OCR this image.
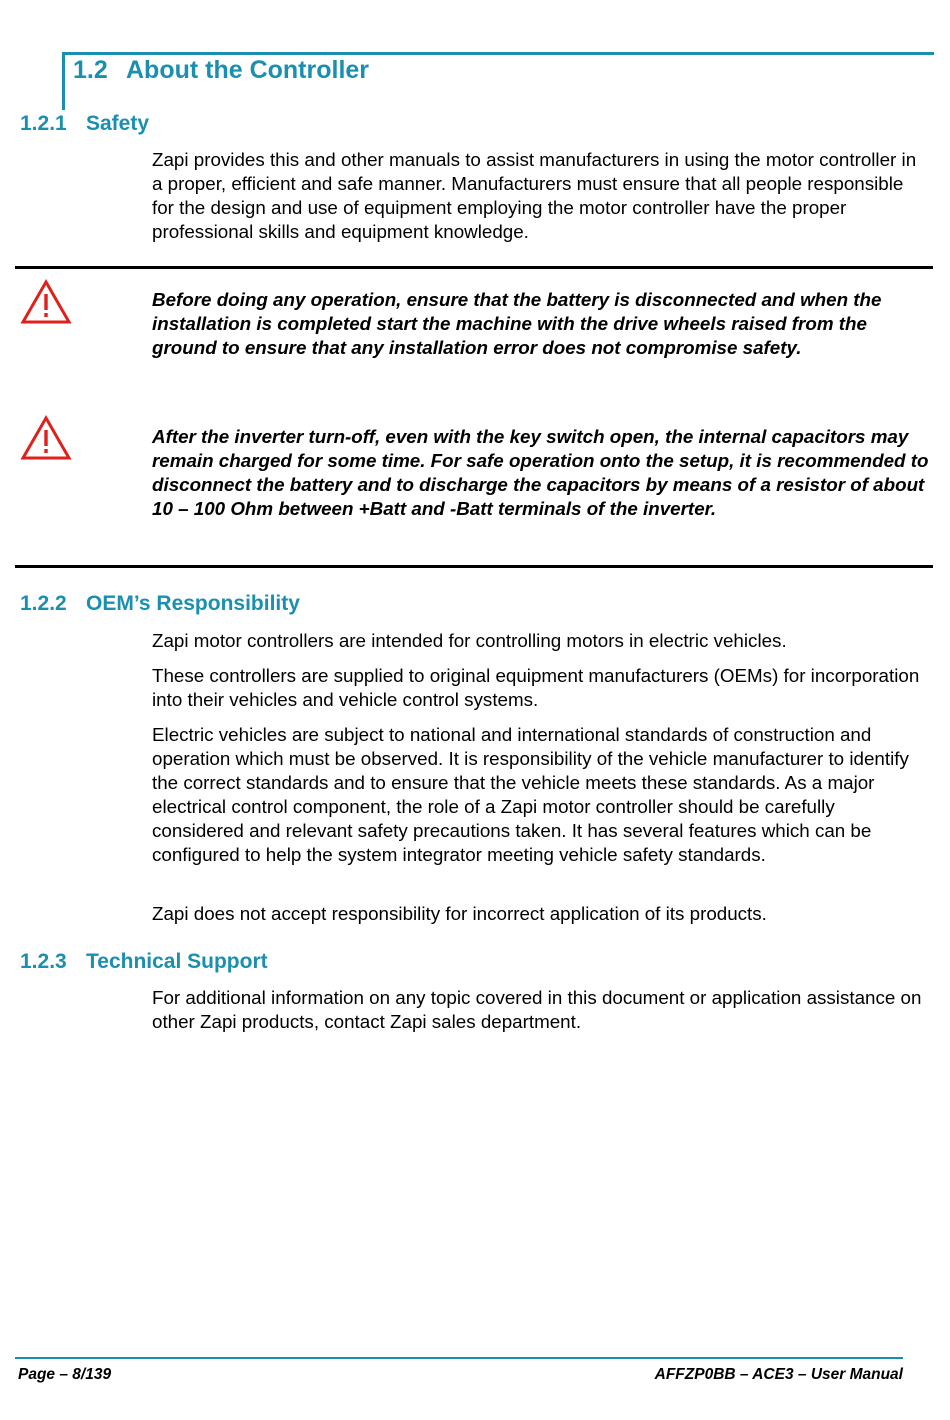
1.2 About the Controller
1.2.1 Safety

Zapi provides this and other manuals to assist manufacturers in using the motor controller in a proper, efficient and safe manner. Manufacturers must ensure that all people responsible for the design and use of equipment employing the motor controller have the proper professional skills and equipment knowledge.

Before doing any operation, ensure that the battery is disconnected and when the installation is completed start the machine with the drive wheels raised from the ground to ensure that any installation error does not compromise safety.

After the inverter turn-off, even with the key switch open, the internal capacitors may remain charged for some time. For safe operation onto the setup, it is recommended to disconnect the battery and to discharge the capacitors by means of a resistor of about 10 – 100 Ohm between +Batt and -Batt terminals of the inverter.

1.2.2 OEM’s Responsibility

Zapi motor controllers are intended for controlling motors in electric vehicles.

These controllers are supplied to original equipment manufacturers (OEMs) for incorporation into their vehicles and vehicle control systems.

Electric vehicles are subject to national and international standards of construction and operation which must be observed. It is responsibility of the vehicle manufacturer to identify the correct standards and to ensure that the vehicle meets these standards. As a major electrical control component, the role of a Zapi motor controller should be carefully considered and relevant safety precautions taken. It has several features which can be configured to help the system integrator meeting vehicle safety standards.

Zapi does not accept responsibility for incorrect application of its products.

1.2.3 Technical Support

For additional information on any topic covered in this document or application assistance on other Zapi products, contact Zapi sales department.

Page – 8/139	AFFZP0BB – ACE3 – User Manual
